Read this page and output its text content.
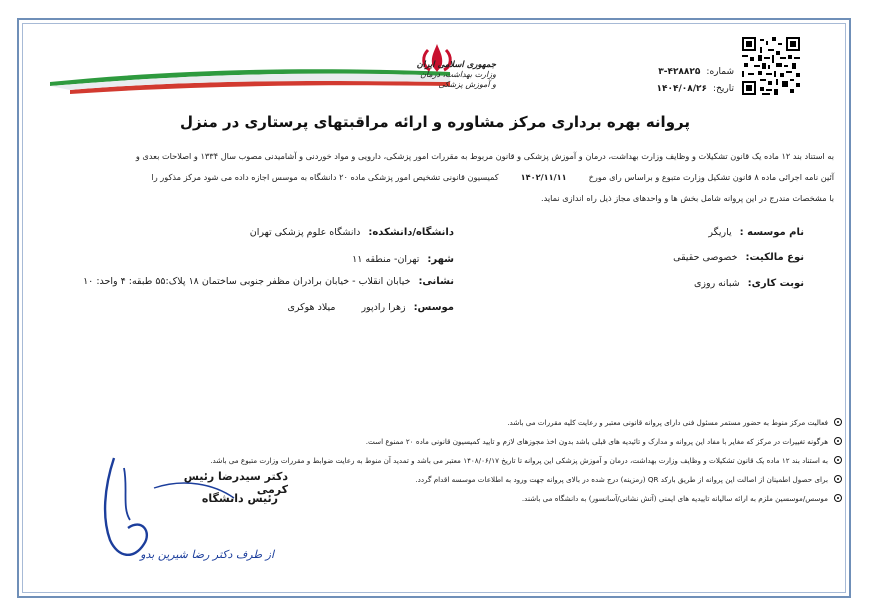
جمهوری اسلامی ایران
وزارت بهداشت، درمان و آموزش پزشکی
شماره:۳-۴۲۸۸۲۵
تاریخ:۱۴۰۴/۰۸/۲۶
پروانه بهره برداری مرکز مشاوره و ارائه مراقبتهای پرستاری در منزل
به استناد بند ۱۲ ماده یک قانون تشکیلات و وظایف وزارت بهداشت، درمان و آموزش پزشکی و قانون مربوط به مقررات امور پزشکی، دارویی و مواد خوردنی و آشامیدنی مصوب سال ۱۳۳۴ و اصلاحات بعدی و
آئین نامه اجرائی ماده ۸ قانون تشکیل وزارت متبوع و براساس رای مورخ۱۴۰۲/۱۱/۱۱کمیسیون قانونی تشخیص امور پزشکی ماده ۲۰ دانشگاه به موسس اجازه داده می شود مرکز مذکور را
با مشخصات مندرج در این پروانه شامل بخش ها و واحدهای مجاز ذیل راه اندازی نماید.
نام موسسه :یاریگر
دانشگاه/دانشکده:دانشگاه علوم پزشکی تهران
نوع مالکیت:خصوصی حقیقی
شهر:تهران- منطقه ۱۱
نوبت کاری:شبانه روزی
نشانی:خیابان انقلاب - خیابان برادران مظفر جنوبی ساختمان ۱۸ پلاک:۵۵ طبقه: ۴ واحد: ۱۰
موسس:زهرا رادپورمیلاد هوکری
فعالیت مرکز منوط به حضور مستمر مسئول فنی دارای پروانه قانونی معتبر و رعایت کلیه مقررات می باشد.
هرگونه تغییرات در مرکز که مغایر با مفاد این پروانه و مدارک و تائیدیه های قبلی باشد بدون اخذ مجوزهای لازم و تایید کمیسیون قانونی ماده ۲۰ ممنوع است.
به استناد بند ۱۲ ماده یک قانون تشکیلات و وظایف وزارت بهداشت، درمان و آموزش پزشکی این پروانه تا تاریخ ۱۴۰۸/۰۶/۱۷ معتبر می باشد و تمدید آن منوط به رعایت ضوابط و مقررات وزارت متبوع می باشد.
برای حصول اطمینان از اصالت این پروانه از طریق بارکد QR (رمزینه) درج شده در بالای پروانه جهت ورود به اطلاعات موسسه اقدام گردد.
موسس/موسسین ملزم به ارائه سالیانه تاییدیه های ایمنی (آتش نشانی/آسانسور) به دانشگاه می باشند.
دکتر سیدرضا رئیس کرمی
رئیس دانشگاه
از طرف دکتر رضا شیرین بدو
